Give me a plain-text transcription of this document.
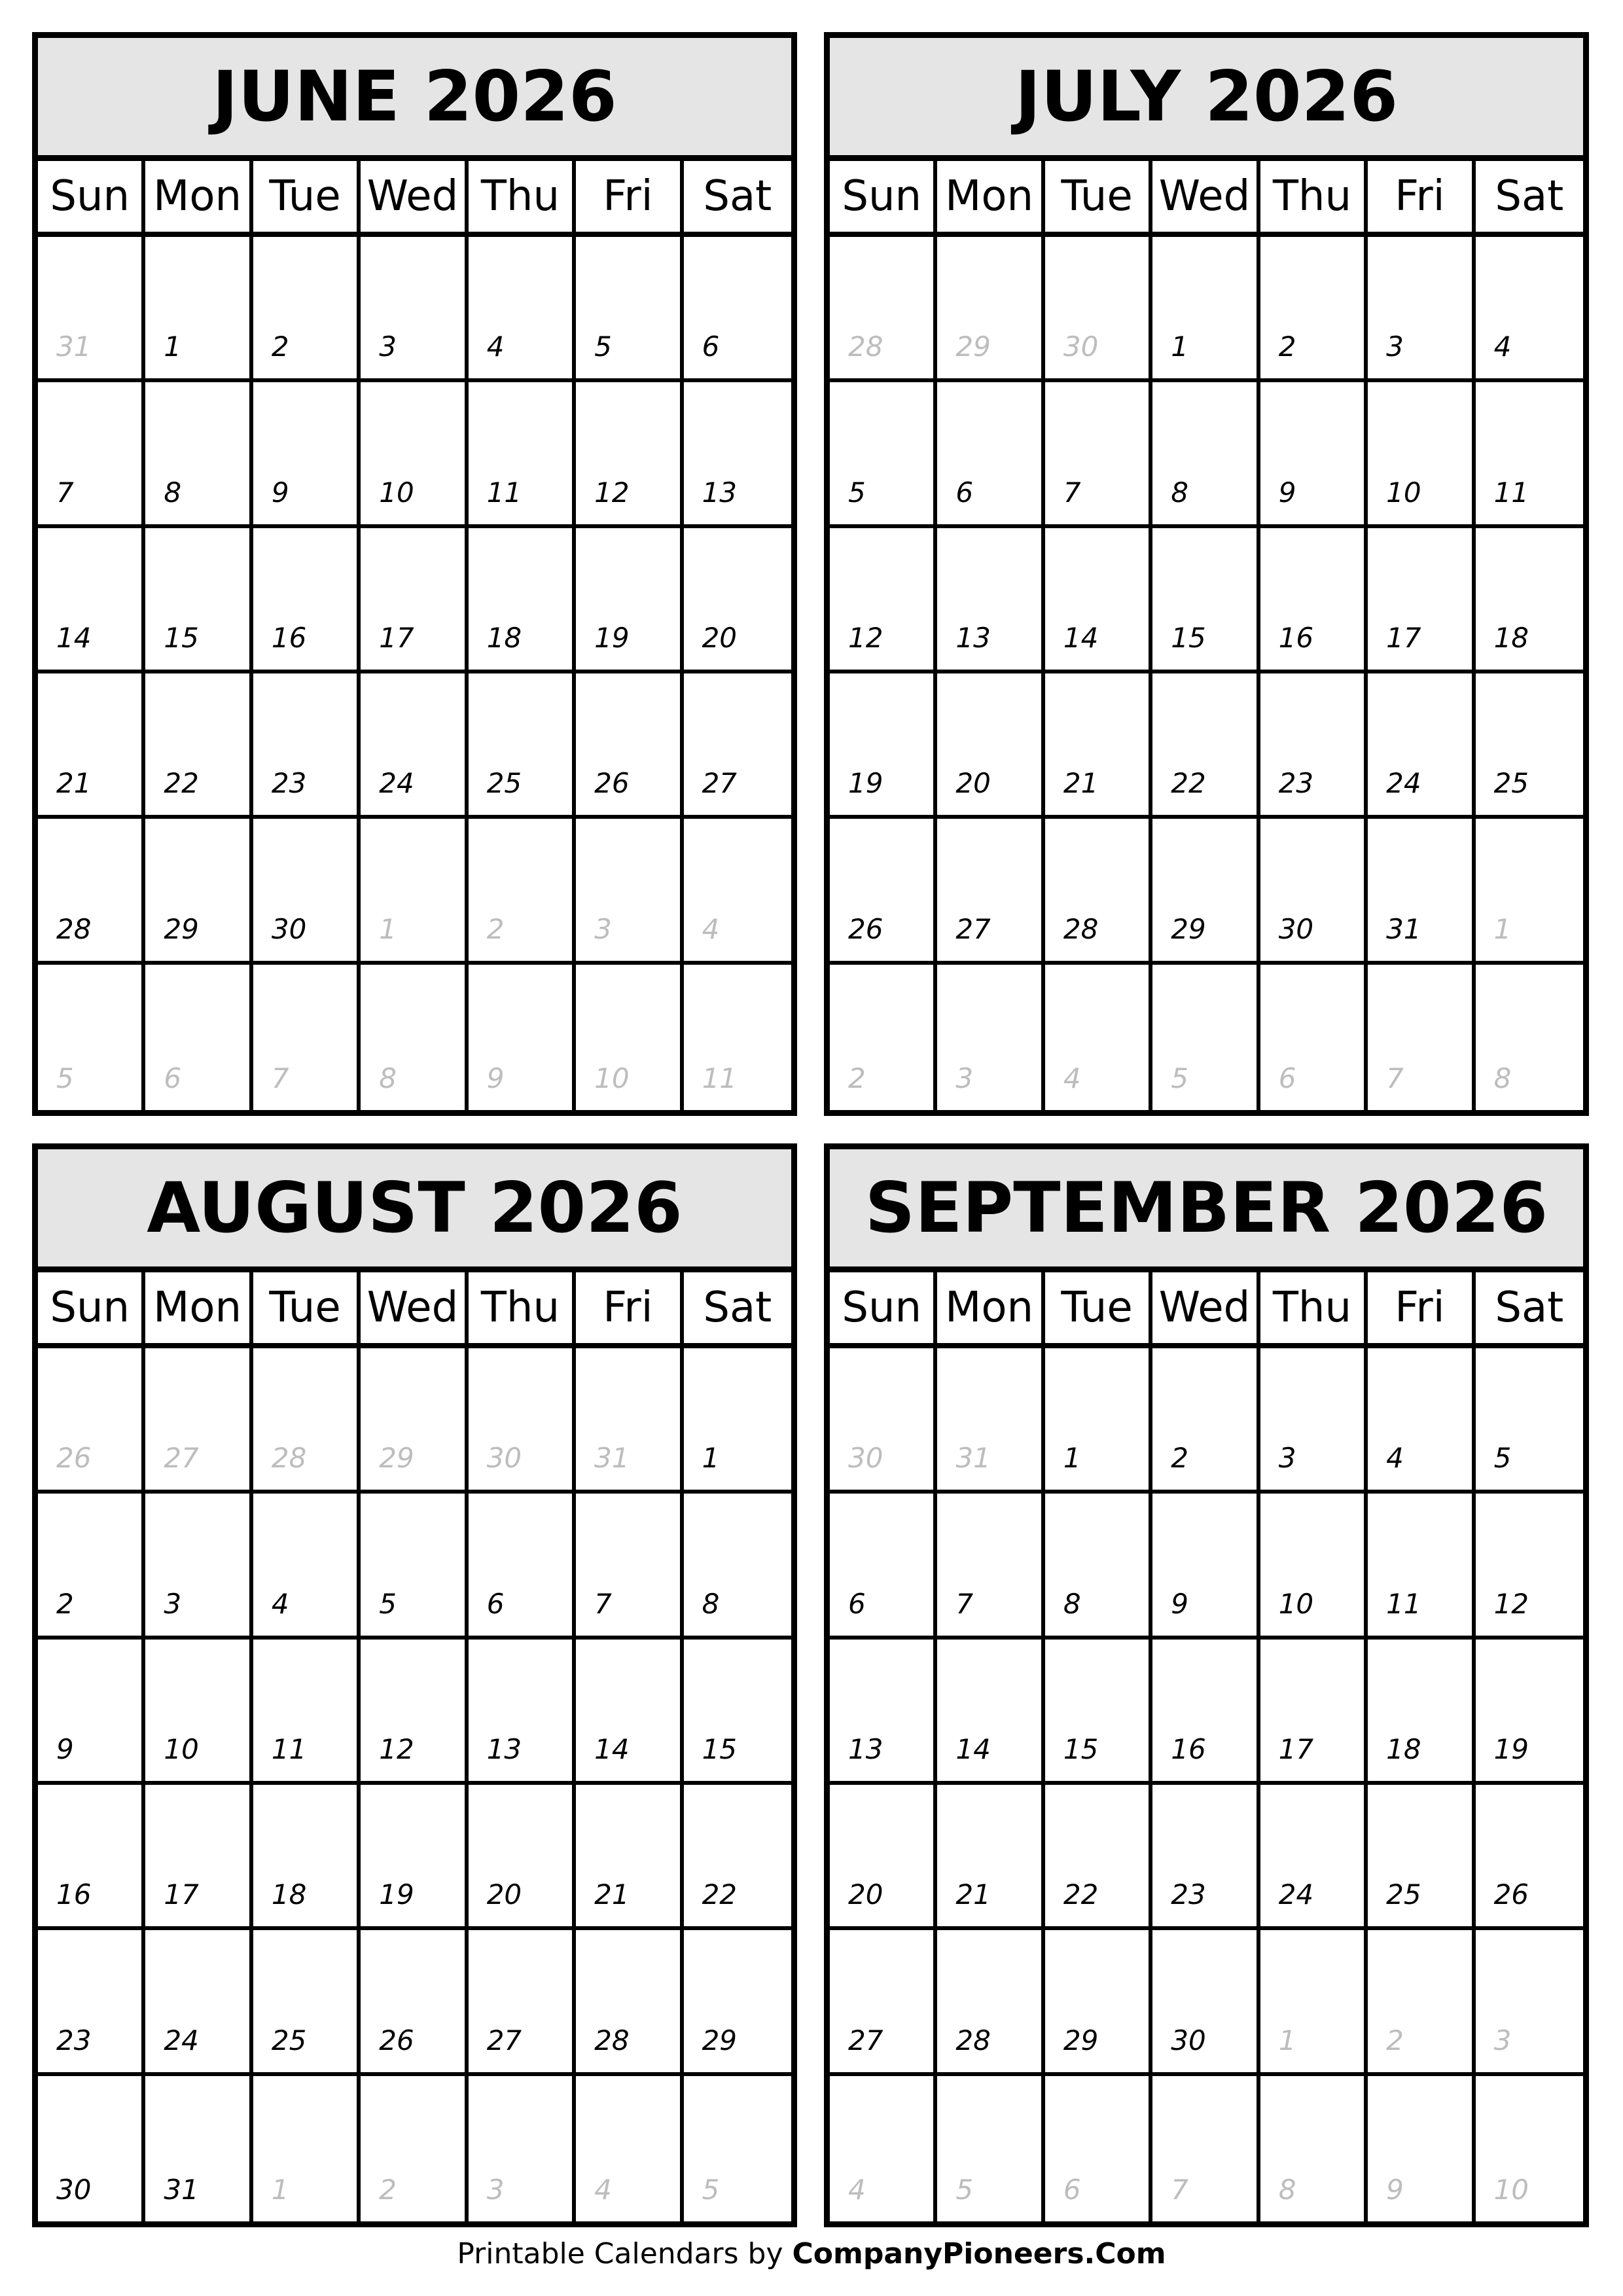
JUNE 2026
Sun Mon Tue Wed Thu	Fri	Sat
31	1	2	3	4	5	6
7	8	9	10	11	12	13
14	15	16	17	18	19	20
21	22	23	24	25	26	27
28	29	30	1	2	3	4
5	6	7	8	9	10	11
JULY 2026
Sun Mon Tue Wed Thu	Fri	Sat
28	29	30	1	2	3	4
5	6	7	8	9	10	11
12	13	14	15	16	17	18
19	20	21	22	23	24	25
26	27	28	29	30	31	1
2	3	4	5	6	7	8
AUGUST 2026
Sun Mon Tue Wed Thu	Fri	Sat
26	27	28	29	30	31	1
2	3	4	5	6	7	8
9	10	11	12	13	14	15
16	17	18	19	20	21	22
23	24	25	26	27	28	29
30	31	1	2	3	4	5
SEPTEMBER 2026
Sun Mon Tue Wed Thu	Fri	Sat
30	31	1	2	3	4	5
6	7	8	9	10	11	12
13	14	15	16	17	18	19
20	21	22	23	24	25	26
27	28	29	30	1	2	3
4	5	6	7	8	9	10
Printable Calendars by CompanyPioneers.Com
